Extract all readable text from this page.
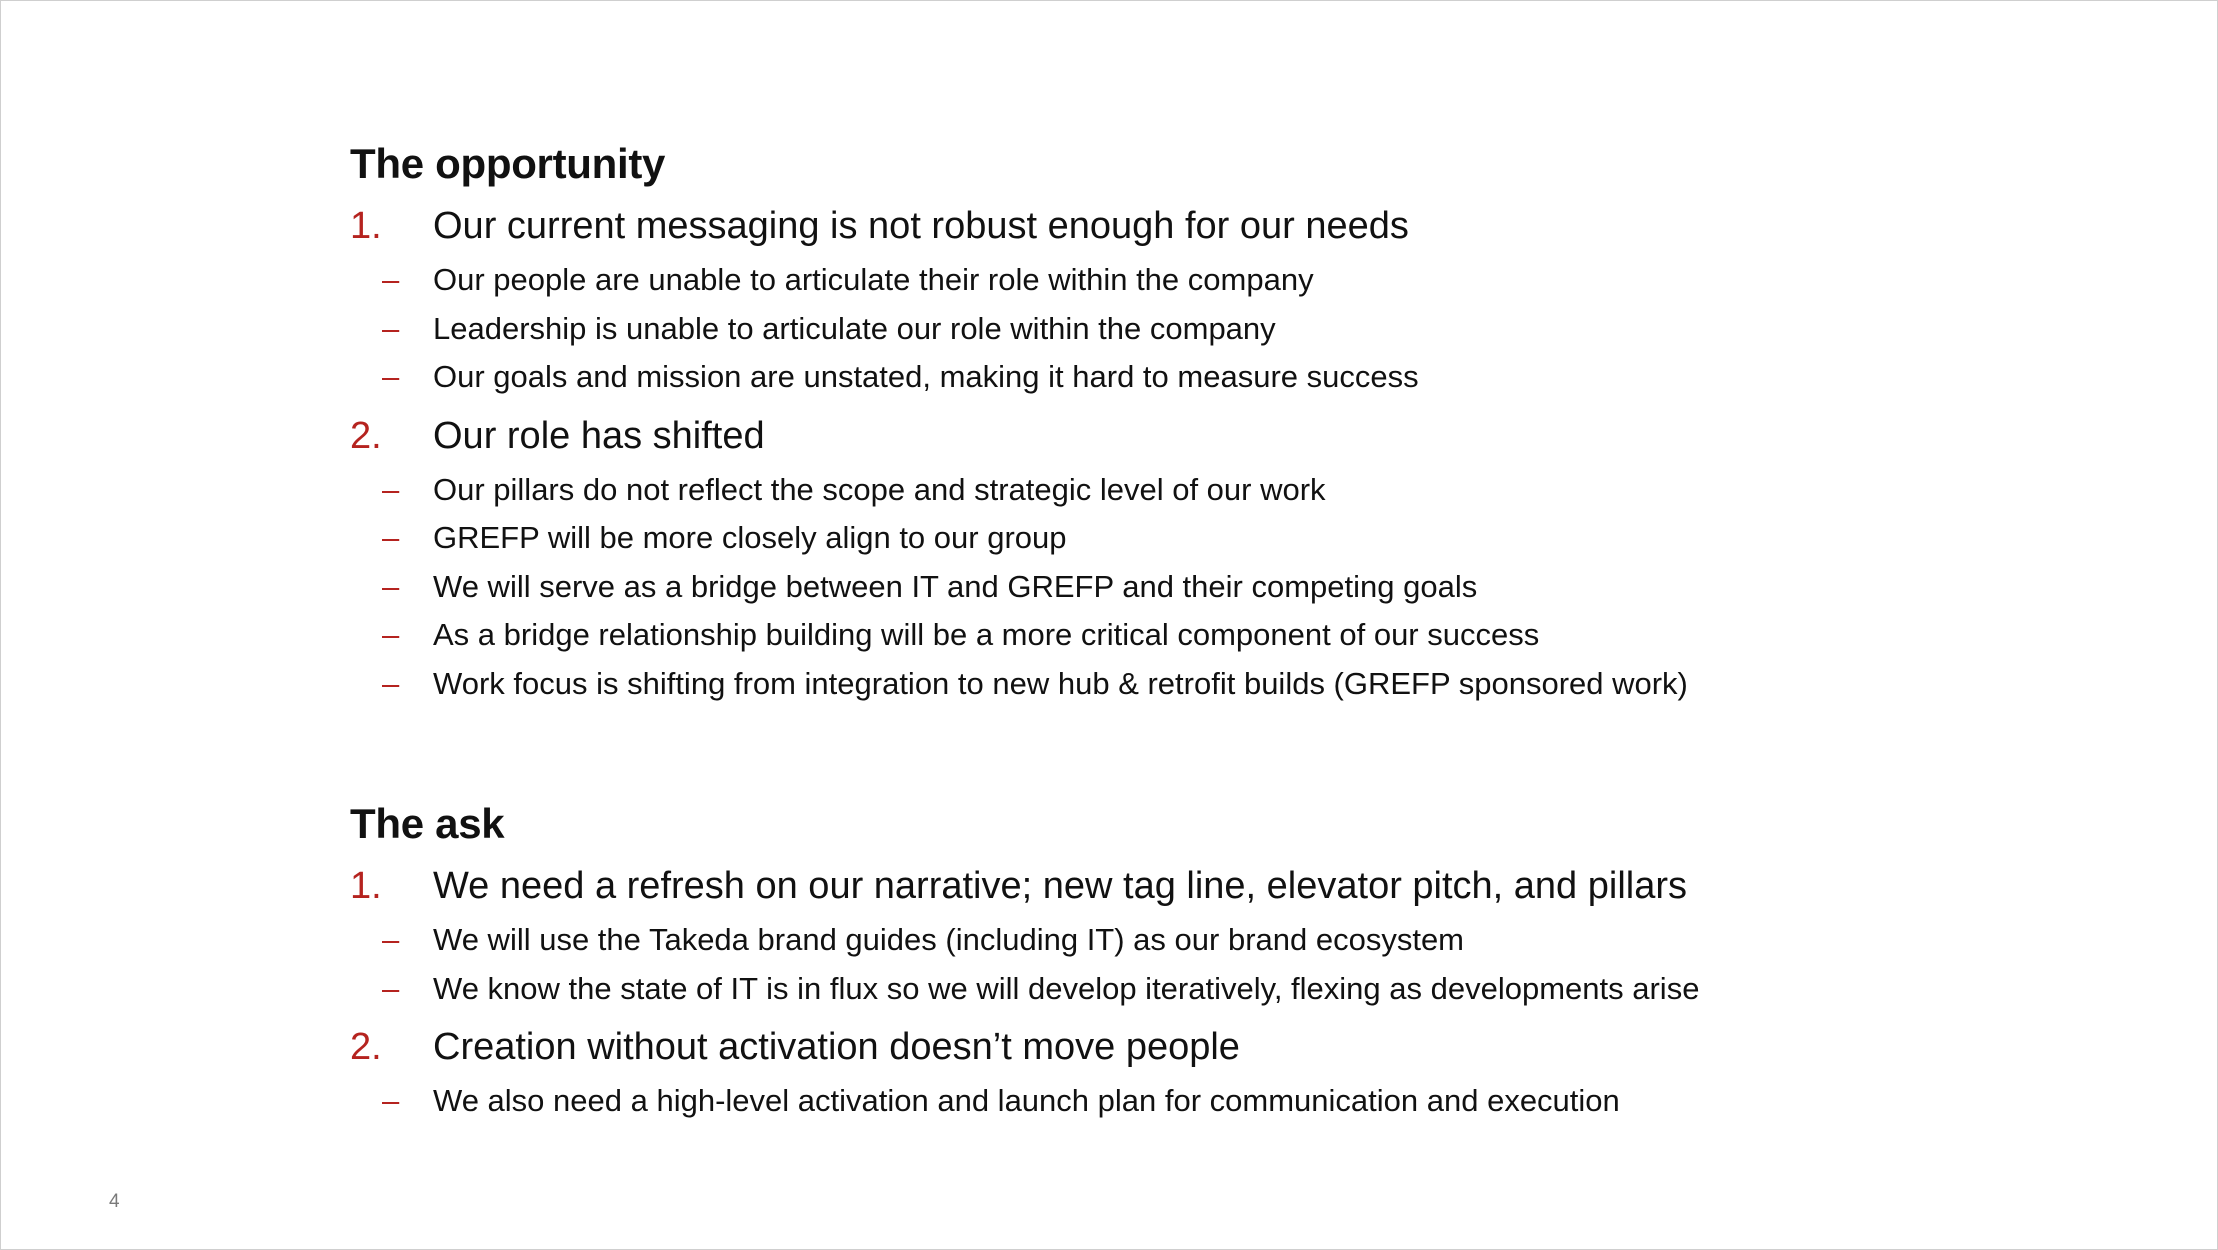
The opportunity
1. Our current messaging is not robust enough for our needs
– Our people are unable to articulate their role within the company
– Leadership is unable to articulate our role within the company
– Our goals and mission are unstated, making it hard to measure success
2. Our role has shifted
– Our pillars do not reflect the scope and strategic level of our work
– GREFP will be more closely align to our group
– We will serve as a bridge between IT and GREFP and their competing goals
– As a bridge relationship building will be a more critical component of our success
– Work focus is shifting from integration to new hub & retrofit builds (GREFP sponsored work)
The ask
1. We need a refresh on our narrative; new tag line, elevator pitch, and pillars
– We will use the Takeda brand guides (including IT) as our brand ecosystem
– We know the state of IT is in flux so we will develop iteratively, flexing as developments arise
2. Creation without activation doesn’t move people
– We also need a high-level activation and launch plan for communication and execution
4
